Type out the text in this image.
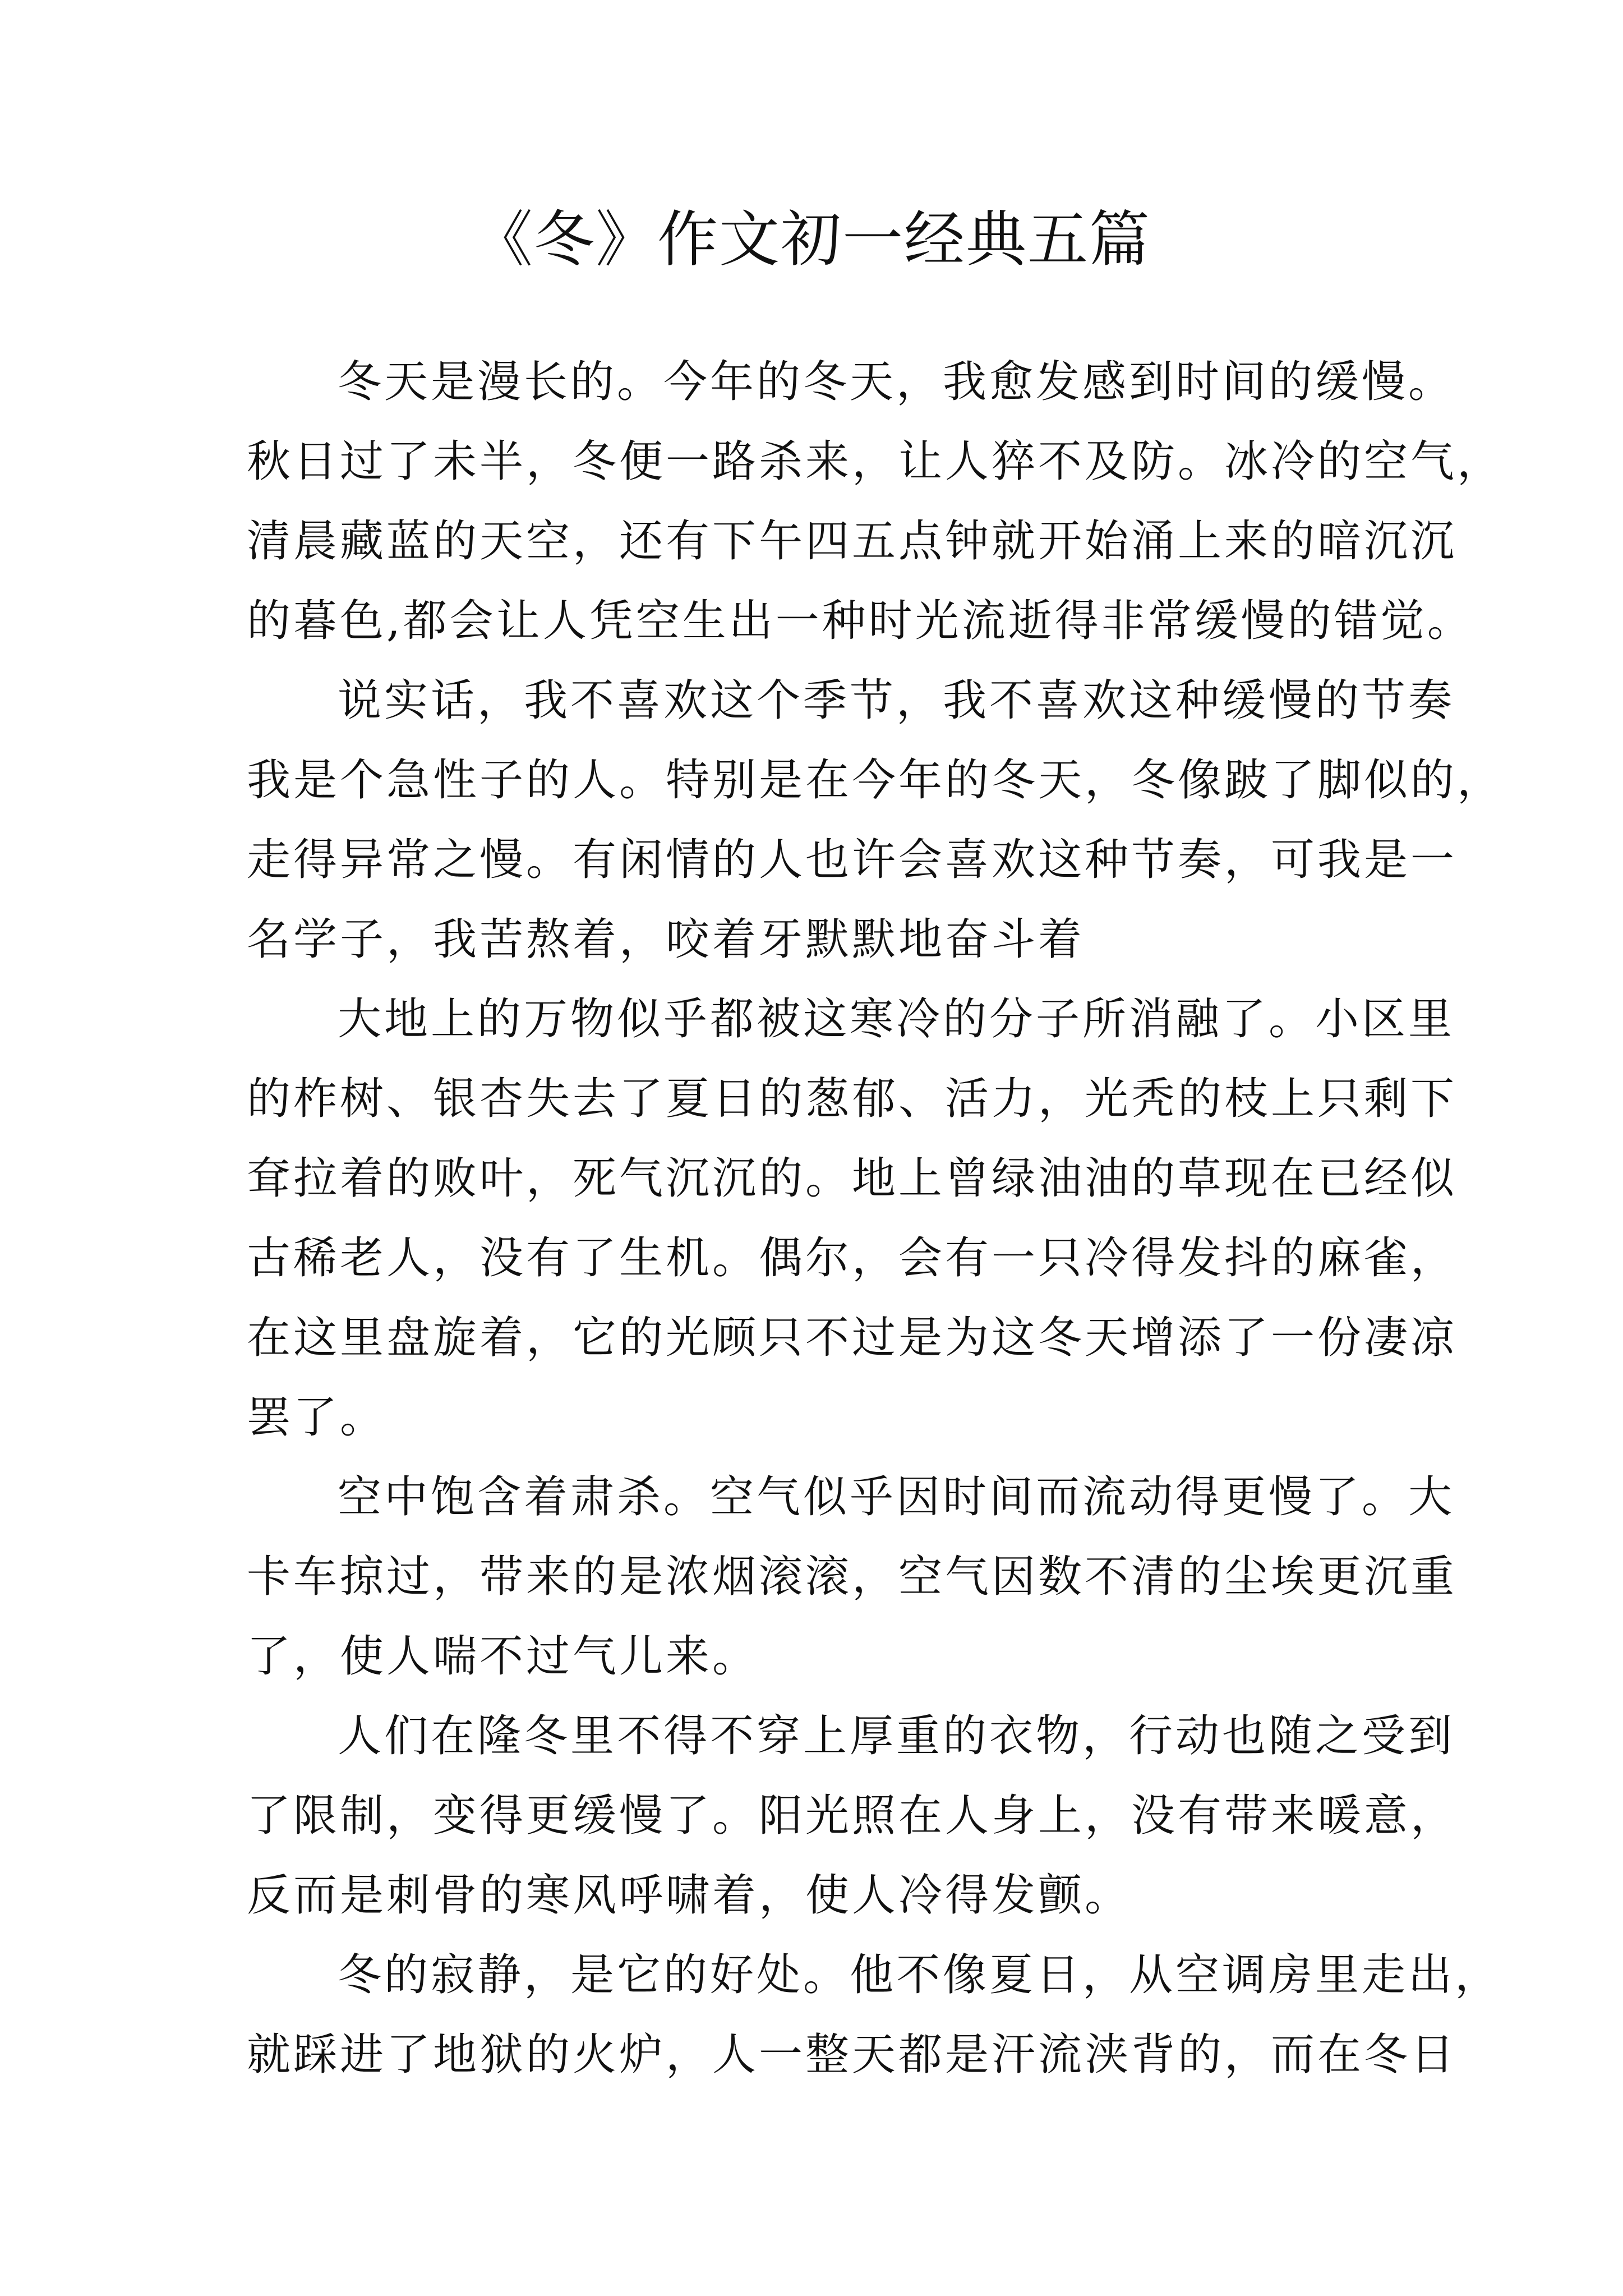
《冬》作文初一经典五篇
冬天是漫长的。今年的冬天，我愈发感到时间的缓慢。
秋日过了未半，冬便一路杀来，让人猝不及防。冰冷的空气，
清晨藏蓝的天空，还有下午四五点钟就开始涌上来的暗沉沉
的暮色,都会让人凭空生出一种时光流逝得非常缓慢的错觉。
说实话，我不喜欢这个季节，我不喜欢这种缓慢的节奏
我是个急性子的人。特别是在今年的冬天，冬像跛了脚似的，
走得异常之慢。有闲情的人也许会喜欢这种节奏，可我是一
名学子，我苦熬着，咬着牙默默地奋斗着
大地上的万物似乎都被这寒冷的分子所消融了。小区里
的柞树、银杏失去了夏日的葱郁、活力，光秃的枝上只剩下
耷拉着的败叶，死气沉沉的。地上曾绿油油的草现在已经似
古稀老人，没有了生机。偶尔，会有一只冷得发抖的麻雀，
在这里盘旋着，它的光顾只不过是为这冬天增添了一份凄凉
罢了。
空中饱含着肃杀。空气似乎因时间而流动得更慢了。大
卡车掠过，带来的是浓烟滚滚，空气因数不清的尘埃更沉重
了，使人喘不过气儿来。
人们在隆冬里不得不穿上厚重的衣物，行动也随之受到
了限制，变得更缓慢了。阳光照在人身上，没有带来暖意，
反而是刺骨的寒风呼啸着，使人冷得发颤。
冬的寂静，是它的好处。他不像夏日，从空调房里走出，
就踩进了地狱的火炉，人一整天都是汗流浃背的，而在冬日
